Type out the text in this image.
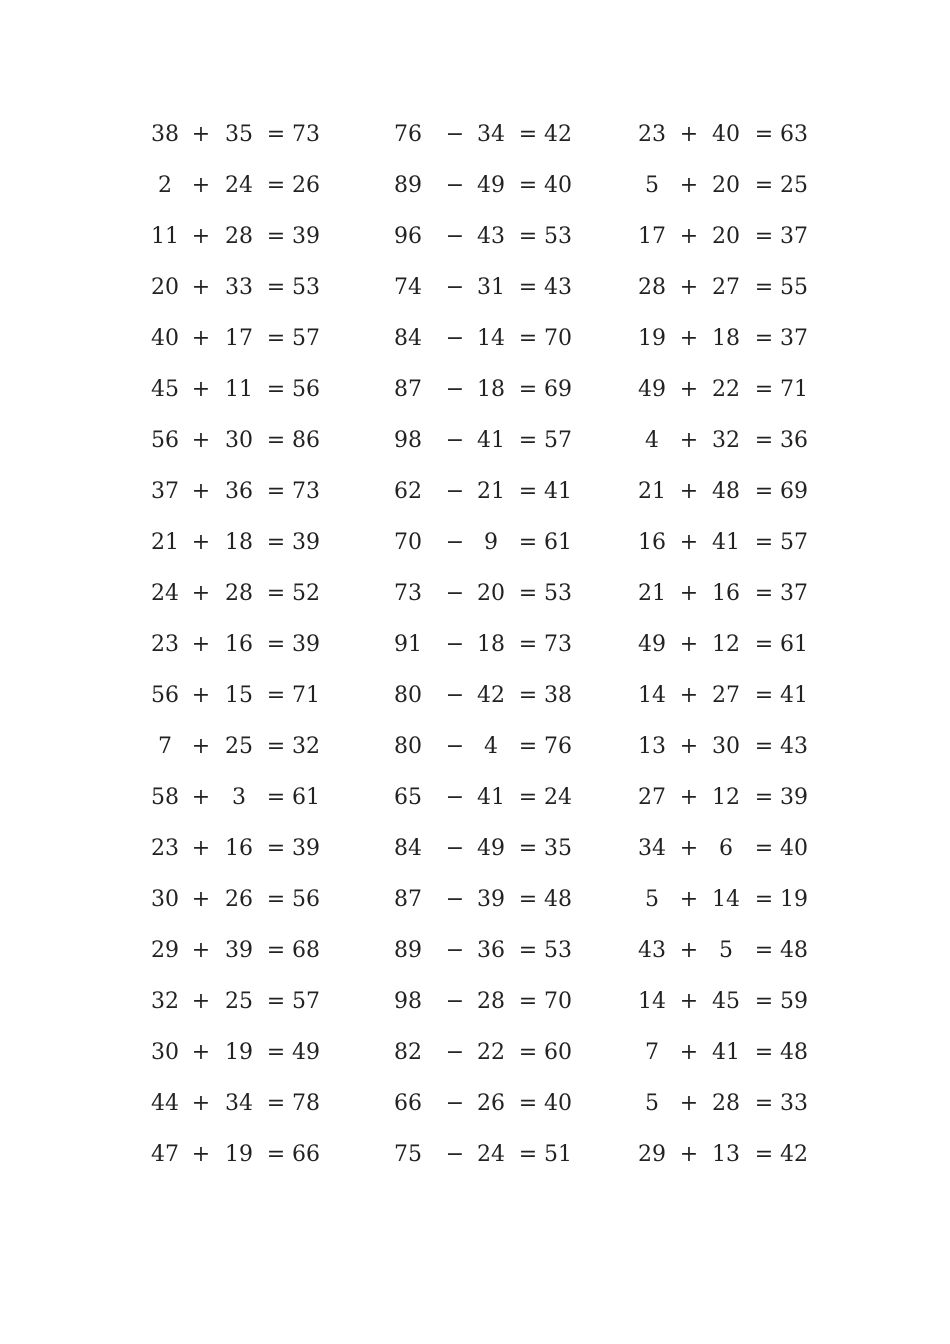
38 + 35 = 73	76 − 34 = 42	23 + 40 = 63
2 + 24 = 26	89 − 49 = 40	5 + 20 = 25
11 + 28 = 39	96 − 43 = 53	17 + 20 = 37
20 + 33 = 53	74 − 31 = 43	28 + 27 = 55
40 + 17 = 57	84 − 14 = 70	19 + 18 = 37
45 + 11 = 56	87 − 18 = 69	49 + 22 = 71
56 + 30 = 86	98 − 41 = 57	4 + 32 = 36
37 + 36 = 73	62 − 21 = 41	21 + 48 = 69
21 + 18 = 39	70 − 9 = 61	16 + 41 = 57
24 + 28 = 52	73 − 20 = 53	21 + 16 = 37
23 + 16 = 39	91 − 18 = 73	49 + 12 = 61
56 + 15 = 71	80 − 42 = 38	14 + 27 = 41
7 + 25 = 32	80 − 4 = 76	13 + 30 = 43
58 + 3 = 61	65 − 41 = 24	27 + 12 = 39
23 + 16 = 39	84 − 49 = 35	34 + 6 = 40
30 + 26 = 56	87 − 39 = 48	5 + 14 = 19
29 + 39 = 68	89 − 36 = 53	43 + 5 = 48
32 + 25 = 57	98 − 28 = 70	14 + 45 = 59
30 + 19 = 49	82 − 22 = 60	7 + 41 = 48
44 + 34 = 78	66 − 26 = 40	5 + 28 = 33
47 + 19 = 66	75 − 24 = 51	29 + 13 = 42
